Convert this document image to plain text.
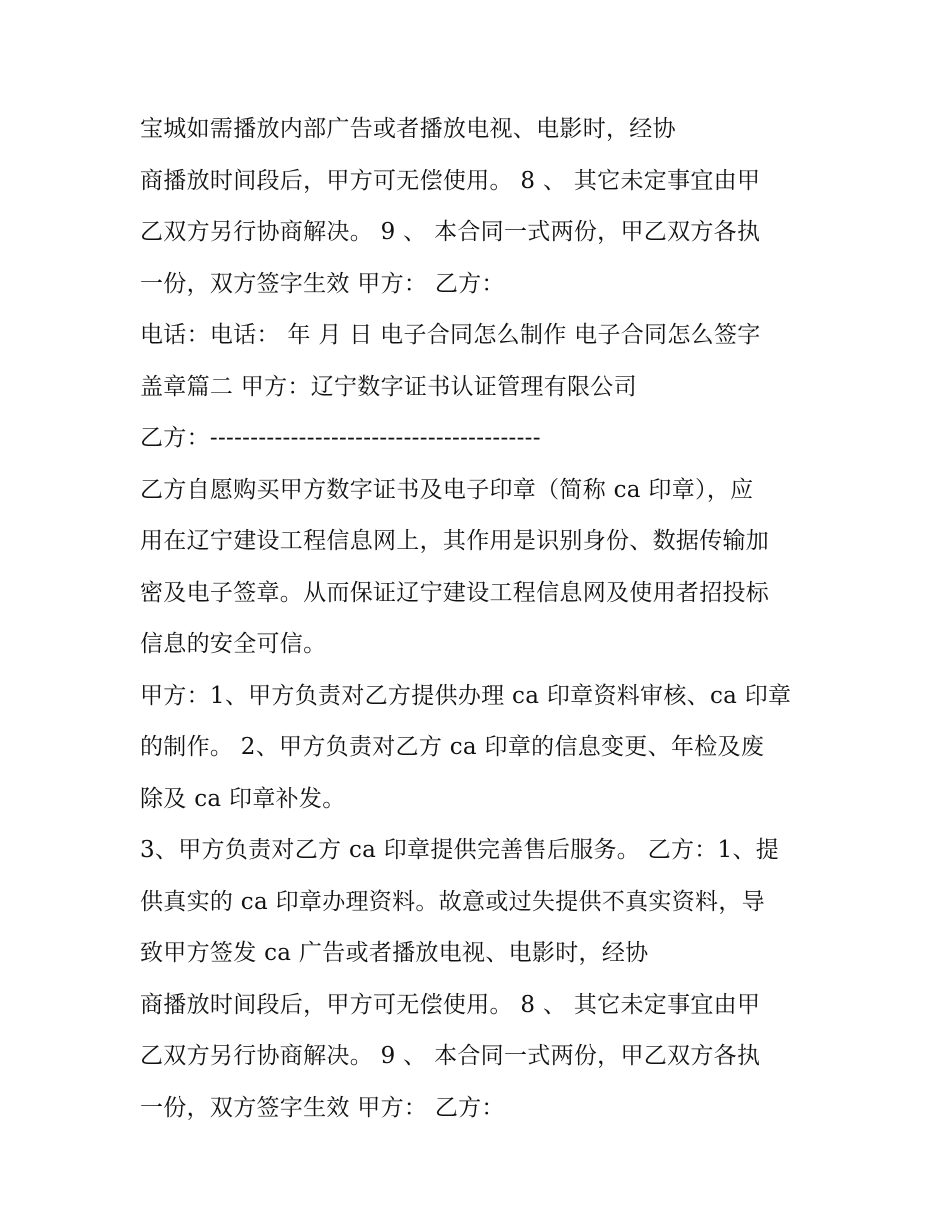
宝城如需播放内部广告或者播放电视、电影时，经协
商播放时间段后，甲方可无偿使用。 8 、 其它未定事宜由甲
乙双方另行协商解决。 9 、 本合同一式两份，甲乙双方各执
一份，双方签字生效 甲方： 乙方：
电话：电话： 年 月 日 电子合同怎么制作 电子合同怎么签字
盖章篇二 甲方：辽宁数字证书认证管理有限公司
乙方：-----------------------------------------
乙方自愿购买甲方数字证书及电子印章（简称 ca 印章），应
用在辽宁建设工程信息网上，其作用是识别身份、数据传输加
密及电子签章。从而保证辽宁建设工程信息网及使用者招投标
信息的安全可信。
甲方：1、甲方负责对乙方提供办理 ca 印章资料审核、ca 印章
的制作。 2、甲方负责对乙方 ca 印章的信息变更、年检及废
除及 ca 印章补发。
3、甲方负责对乙方 ca 印章提供完善售后服务。 乙方：1、提
供真实的 ca 印章办理资料。故意或过失提供不真实资料，导
致甲方签发 ca 广告或者播放电视、电影时，经协
商播放时间段后，甲方可无偿使用。 8 、 其它未定事宜由甲
乙双方另行协商解决。 9 、 本合同一式两份，甲乙双方各执
一份，双方签字生效 甲方： 乙方：
